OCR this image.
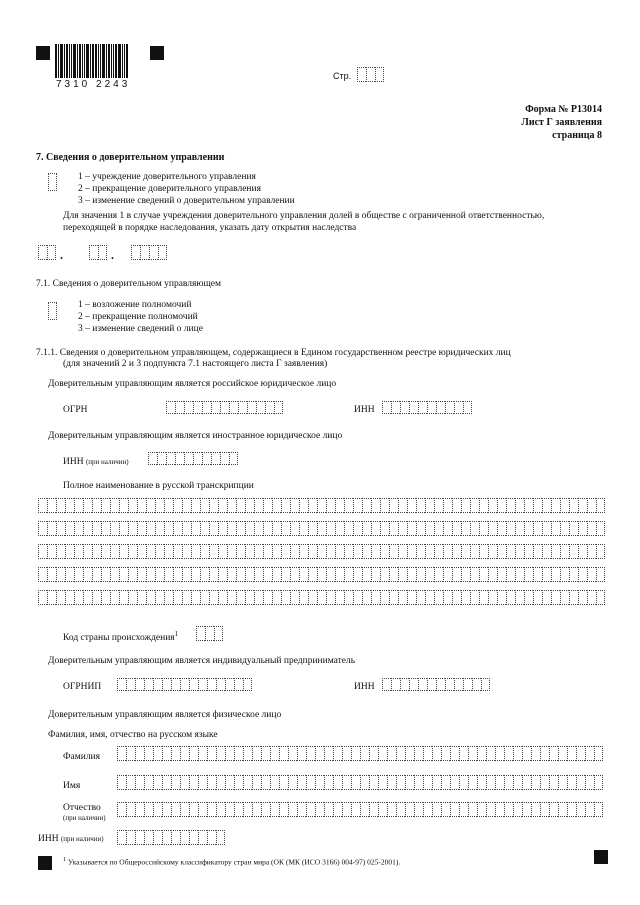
7310 2243
Стр.
Форма № Р13014
Лист Г заявления
страница 8
7. Сведения о доверительном управлении
1 – учреждение доверительного управления
2 – прекращение доверительного управления
3 – изменение сведений о доверительном управлении
Для значения 1 в случае учреждения доверительного управления долей в обществе с ограниченной ответственностью,
переходящей в порядке наследования, указать дату открытия наследства
.	.
7.1. Сведения о доверительном управляющем
1 – возложение полномочий
2 – прекращение полномочий
3 – изменение сведений о лице
7.1.1. Сведения о доверительном управляющем, содержащиеся в Едином государственном реестре юридических лиц
(для значений 2 и 3 подпункта 7.1 настоящего листа Г заявления)
Доверительным управляющим является российское юридическое лицо
ОГРН	ИНН
Доверительным управляющим является иностранное юридическое лицо
ИНН (при наличии)
Полное наименование в русской транскрипции
Код страны происхождения$^1$
Доверительным управляющим является индивидуальный предприниматель
ОГРНИП	ИНН
Доверительным управляющим является физическое лицо
Фамилия, имя, отчество на русском языке
Фамилия
Имя
Отчество
(при наличии)
ИНН (при наличии)
$^1$ Указывается по Общероссийскому классификатору стран мира (ОК (МК (ИСО 3166) 004-97) 025-2001).
